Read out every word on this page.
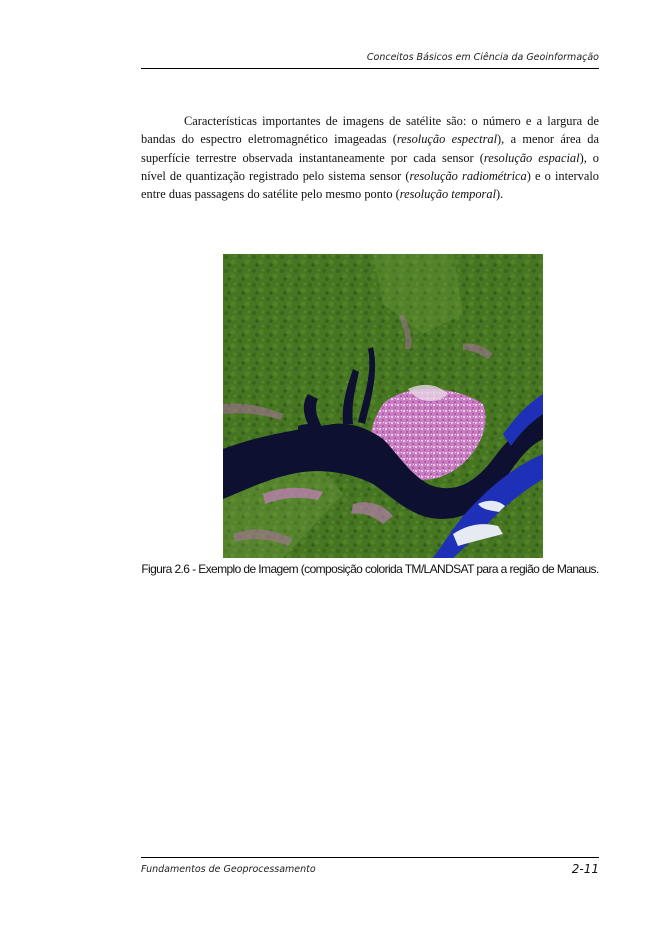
Conceitos Básicos em Ciência da Geoinformação

Características importantes de imagens de satélite são: o número e a largura de bandas do espectro eletromagnético imageadas (resolução espectral), a menor área da superfície terrestre observada instantaneamente por cada sensor (resolução espacial), o nível de quantização registrado pelo sistema sensor (resolução radiométrica) e o intervalo entre duas passagens do satélite pelo mesmo ponto (resolução temporal).

Figura 2.6 - Exemplo de Imagem (composição colorida TM/LANDSAT para a região de Manaus.
Fundamentos de Geoprocessamento	2-11
